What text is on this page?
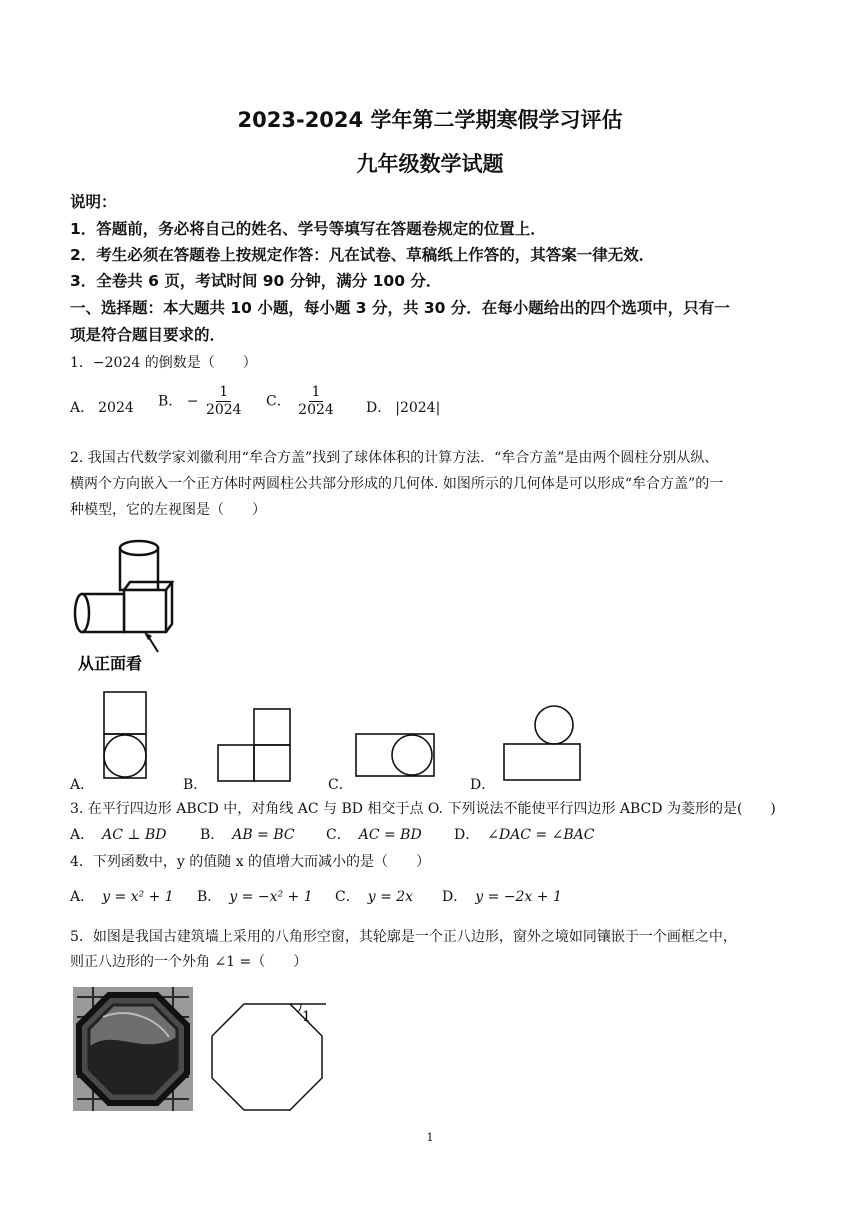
2023-2024 学年第二学期寒假学习评估
九年级数学试题
说明：
1．答题前，务必将自己的姓名、学号等填写在答题卷规定的位置上．
2．考生必须在答题卷上按规定作答：凡在试卷、草稿纸上作答的，其答案一律无效．
3．全卷共 6 页，考试时间 90 分钟，满分 100 分．
一、选择题：本大题共 10 小题，每小题 3 分，共 30 分．在每小题给出的四个选项中，只有一
项是符合题目要求的．
1．−2024 的倒数是（　　）
A． 2024 B． − $\frac{1}{2024}$ C． $\frac{1}{2024}$ D． |2024|
2. 我国古代数学家刘徽利用“牟合方盖”找到了球体体积的计算方法．“牟合方盖”是由两个圆柱分别从纵、
横两个方向嵌入一个正方体时两圆柱公共部分形成的几何体. 如图所示的几何体是可以形成“牟合方盖”的一
种模型，它的左视图是（　　）
从正面看
A．	B．	C．	D．
3. 在平行四边形 ABCD 中，对角线 AC 与 BD 相交于点 O. 下列说法不能使平行四边形 ABCD 为菱形的是(　　)
A． AC ⊥ BD B． AB = BC C． AC = BD D． ∠DAC = ∠BAC
4．下列函数中，y 的值随 x 的值增大而减小的是（　　）
A． y = x² + 1 B． y = −x² + 1 C． y = 2x D． y = −2x + 1
5．如图是我国古建筑墙上采用的八角形空窗，其轮廓是一个正八边形，窗外之境如同镶嵌于一个画框之中，
则正八边形的一个外角 ∠1 =（　　）
1
1
